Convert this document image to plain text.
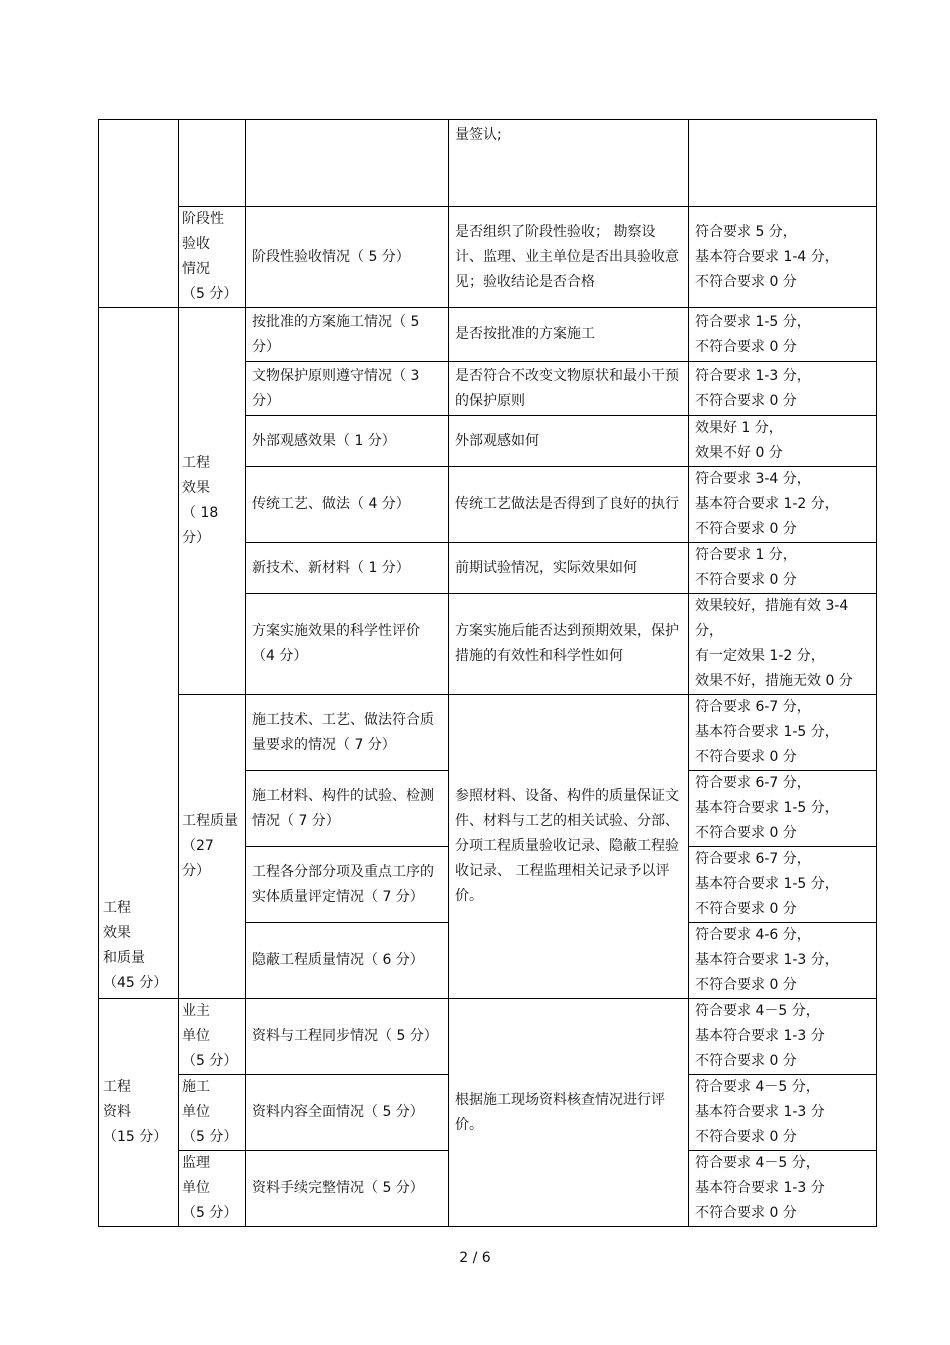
			量签认;	
	阶段性
验收
情况
（5 分）	阶段性验收情况（ 5 分）	是否组织了阶段性验收； 勘察设计、监理、业主单位是否出具验收意见；验收结论是否合格	符合要求 5 分，
基本符合要求 1-4 分，
不符合要求 0 分
工程
效果
和质量
（45 分）	工程
效果
（ 18
分）	按批准的方案施工情况（ 5 分）	是否按批准的方案施工	符合要求 1-5 分，
不符合要求 0 分
		文物保护原则遵守情况（ 3 分）	是否符合不改变文物原状和最小干预的保护原则	符合要求 1-3 分，
不符合要求 0 分
		外部观感效果（ 1 分）	外部观感如何	效果好 1 分，
效果不好 0 分
		传统工艺、做法（ 4 分）	传统工艺做法是否得到了良好的执行	符合要求 3-4 分，
基本符合要求 1-2 分，
不符合要求 0 分
		新技术、新材料（ 1 分）	前期试验情况，实际效果如何	符合要求 1 分，
不符合要求 0 分
		方案实施效果的科学性评价
（4 分）	方案实施后能否达到预期效果，保护措施的有效性和科学性如何	效果较好，措施有效 3-4 分，
有一定效果 1-2 分，
效果不好，措施无效 0 分
	工程质量
（27 分）	施工技术、工艺、做法符合质量要求的情况（ 7 分）	参照材料、设备、构件的质量保证文件、材料与工艺的相关试验、分部、分项工程质量验收记录、隐蔽工程验收记录、 工程监理相关记录予以评价。	符合要求 6-7 分，
基本符合要求 1-5 分，
不符合要求 0 分
		施工材料、构件的试验、检测情况（ 7 分）		符合要求 6-7 分，
基本符合要求 1-5 分，
不符合要求 0 分
		工程各分部分项及重点工序的实体质量评定情况（ 7 分）		符合要求 6-7 分，
基本符合要求 1-5 分，
不符合要求 0 分
		隐蔽工程质量情况（ 6 分）		符合要求 4-6 分，
基本符合要求 1-3 分，
不符合要求 0 分
工程
资料
（15 分）	业主
单位
（5 分）	资料与工程同步情况（ 5 分）	根据施工现场资料核查情况进行评价。	符合要求 4－5 分，
基本符合要求 1-3 分
不符合要求 0 分
	施工
单位
（5 分）	资料内容全面情况（ 5 分）		符合要求 4－5 分，
基本符合要求 1-3 分
不符合要求 0 分
	监理
单位
（5 分）	资料手续完整情况（ 5 分）		符合要求 4－5 分，
基本符合要求 1-3 分
不符合要求 0 分
2 / 6
